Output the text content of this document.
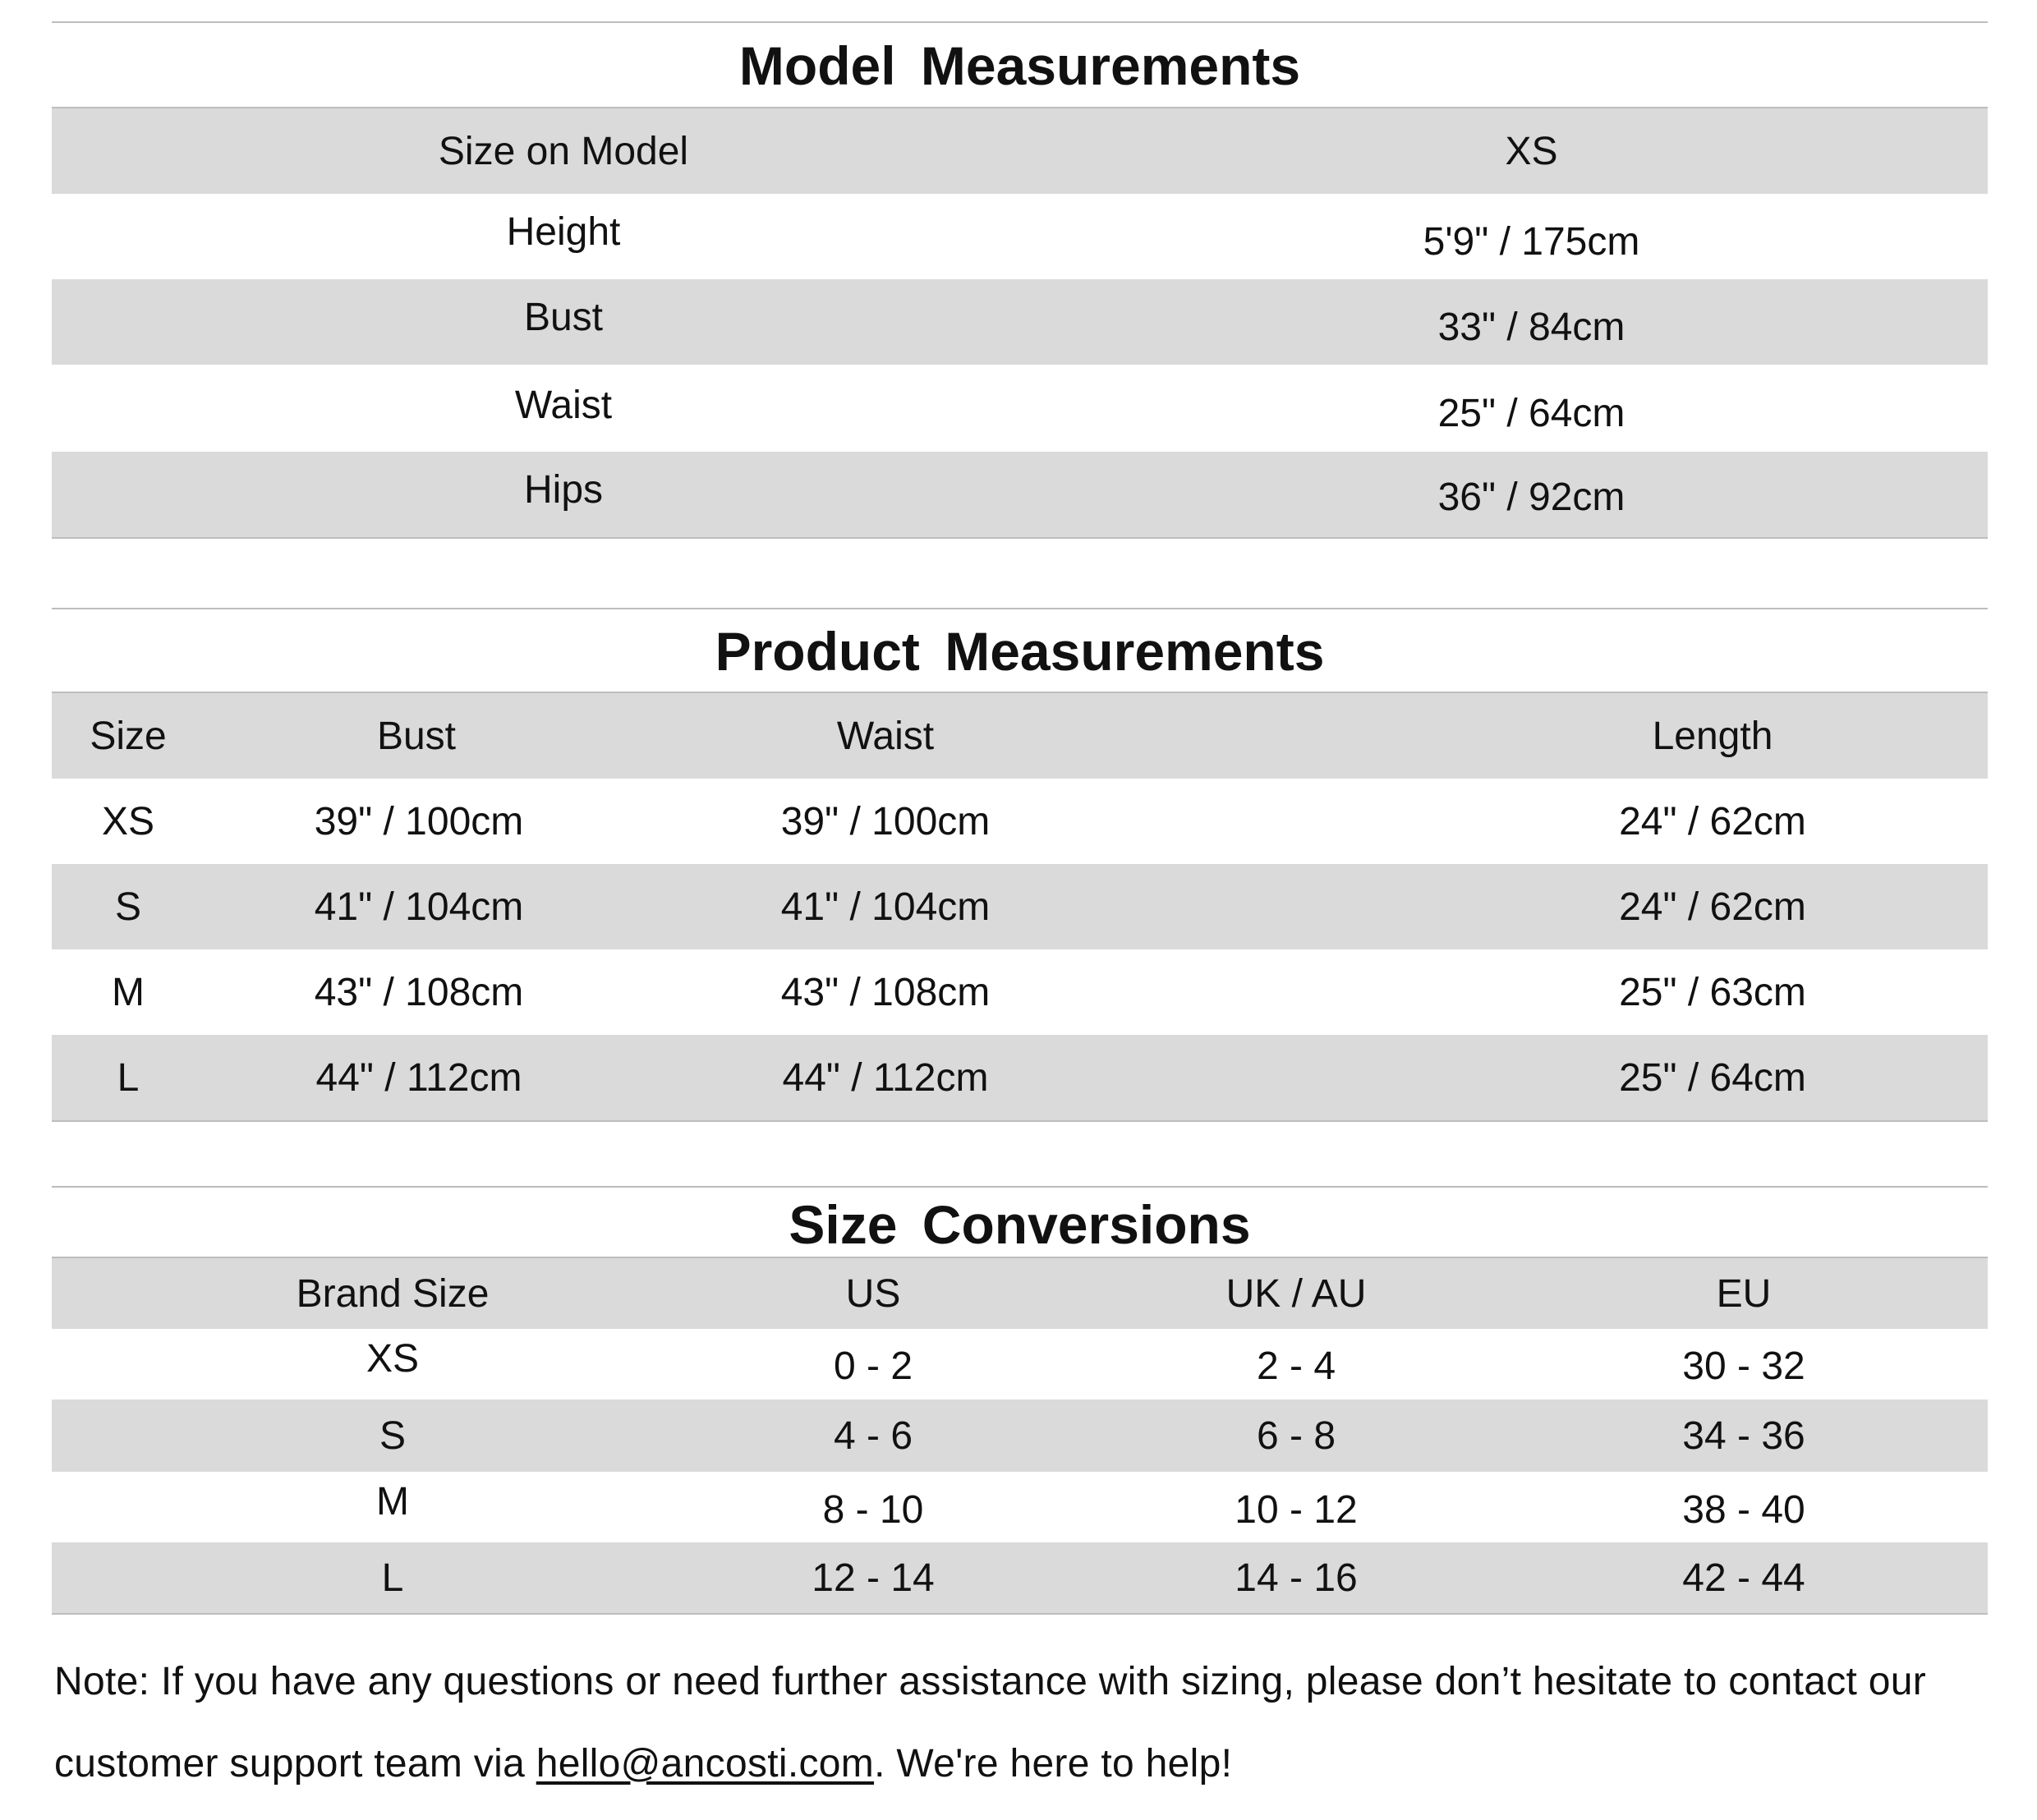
Model Measurements
Size on Model	XS
Height	5'9" / 175cm
Bust	33" / 84cm
Waist	25" / 64cm
Hips	36" / 92cm
Product Measurements
Size	Bust	Waist	Length
XS	39" / 100cm	39" / 100cm	24" / 62cm
S	41" / 104cm	41" / 104cm	24" / 62cm
M	43" / 108cm	43" / 108cm	25" / 63cm
L	44" / 112cm	44" / 112cm	25" / 64cm
Size Conversions
Brand Size	US	UK / AU	EU
XS	0 - 2	2 - 4	30 - 32
S	4 - 6	6 - 8	34 - 36
M	8 - 10	10 - 12	38 - 40
L	12 - 14	14 - 16	42 - 44
Note: If you have any questions or need further assistance with sizing, please don’t hesitate to contact our customer support team via hello@ancosti.com. We're here to help!
